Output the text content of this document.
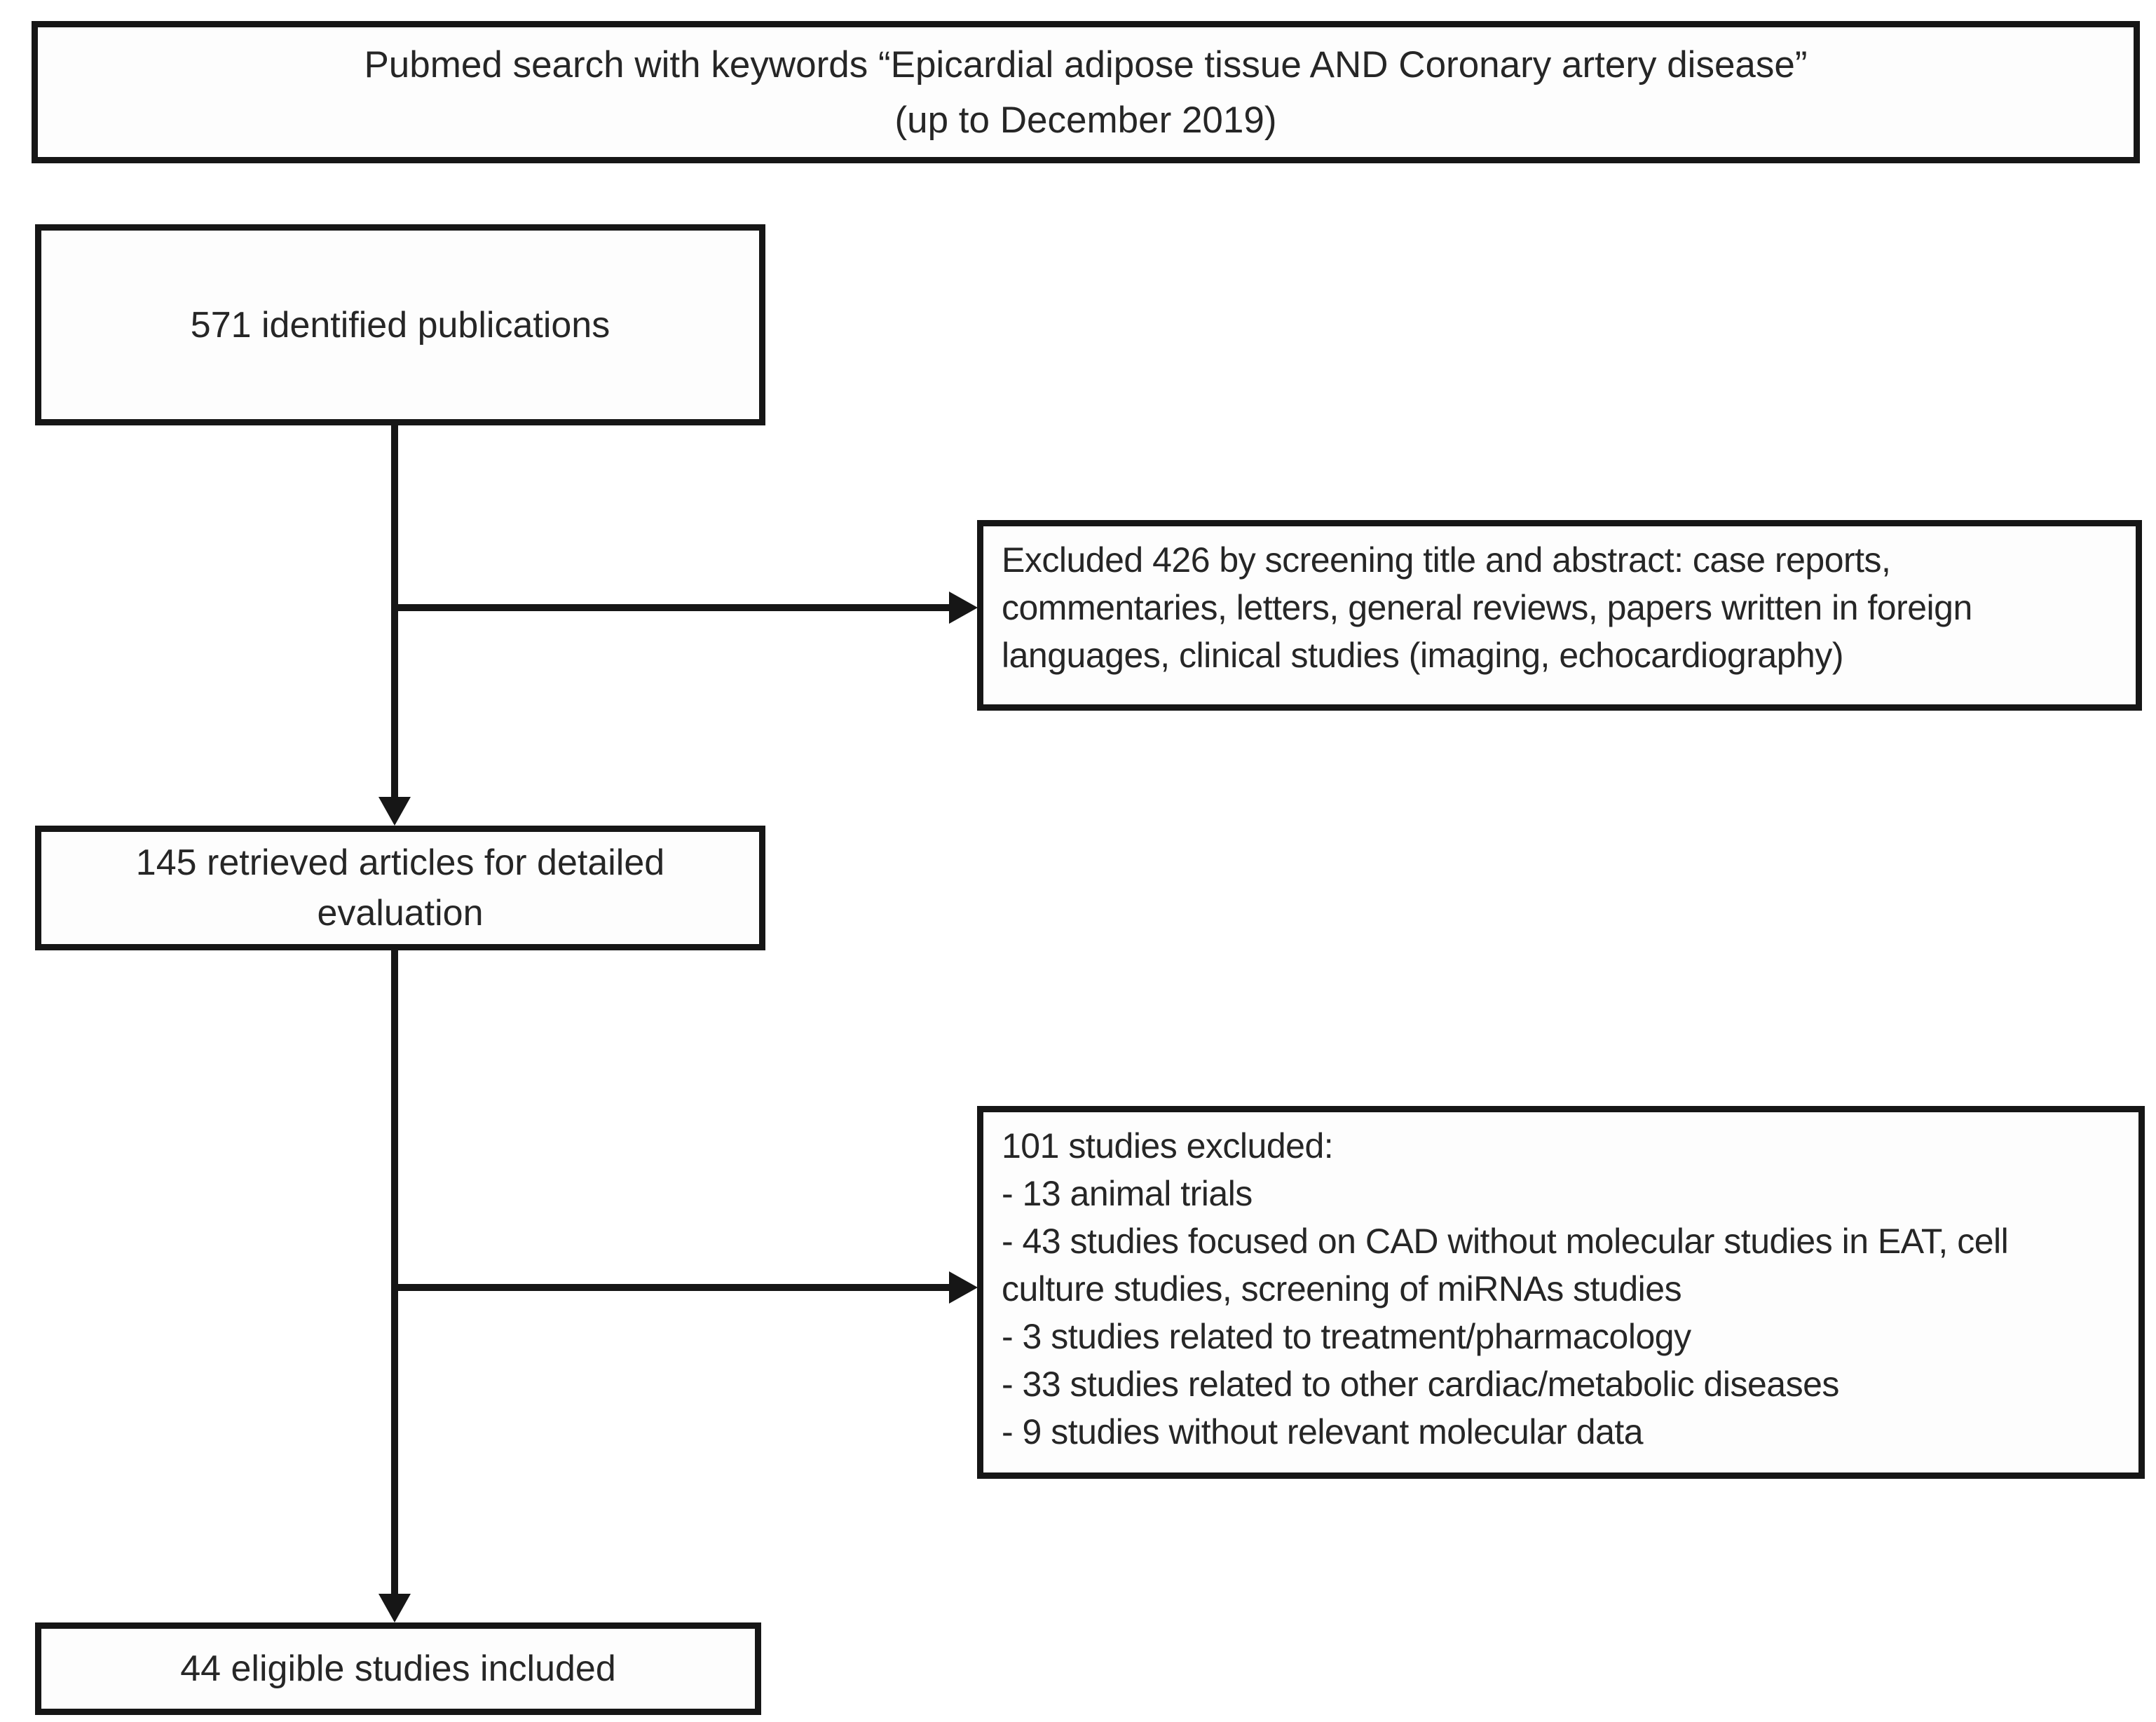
Pubmed search with keywords “Epicardial adipose tissue AND Coronary artery disease”
(up to December 2019)
571 identified publications
Excluded 426 by screening title and abstract: case reports,
commentaries, letters, general reviews, papers written in foreign
languages, clinical studies (imaging, echocardiography)
145 retrieved articles for detailed
evaluation
101 studies excluded:
- 13 animal trials
- 43 studies focused on CAD without molecular studies in EAT, cell
culture studies, screening of miRNAs studies
- 3 studies related to treatment/pharmacology
- 33 studies related to other cardiac/metabolic diseases
- 9 studies without relevant molecular data
44 eligible studies included
